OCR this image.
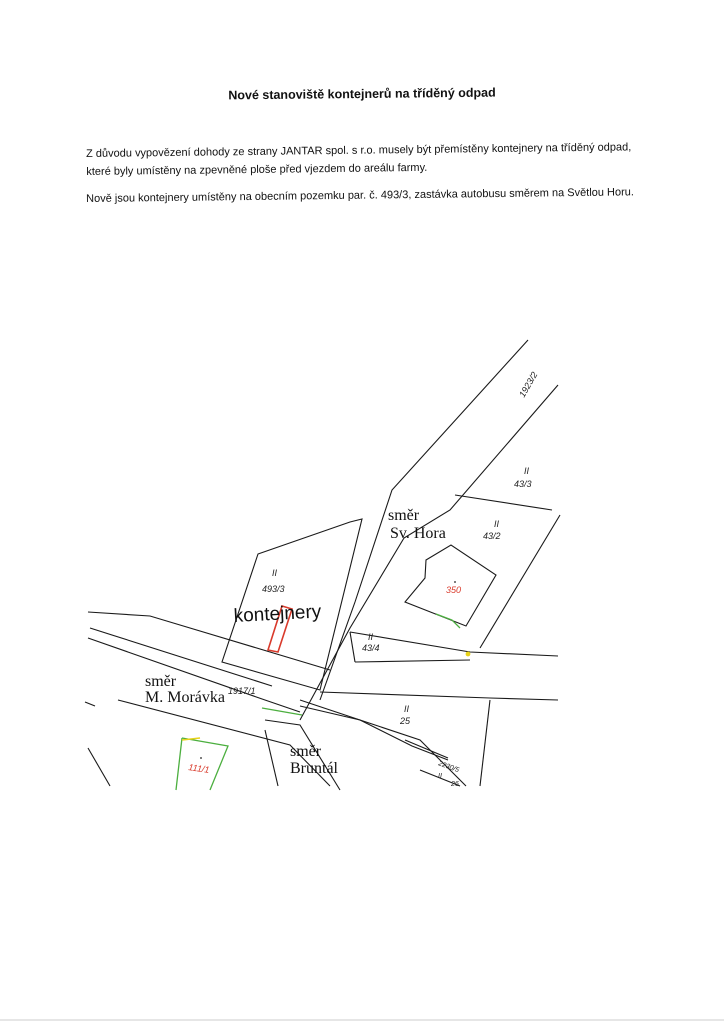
Nové stanoviště kontejnerů na tříděný odpad
Z důvodu vypovězení dohody ze strany JANTAR spol. s r.o. musely být přemístěny kontejnery na tříděný odpad, které byly umístěny na zpevněné ploše před vjezdem do areálu farmy.
Nově jsou kontejnery umístěny na obecním pozemku par. č. 493/3, zastávka autobusu směrem na Světlou Horu.
kontejnery
směr
Sv. Hora
směr
M. Morávka
směr
Bruntál
1923/2
II
43/3
II
43/2
II
493/3	350
II
43/4
1917/1
II
25
111/1	2230/5
II
26
